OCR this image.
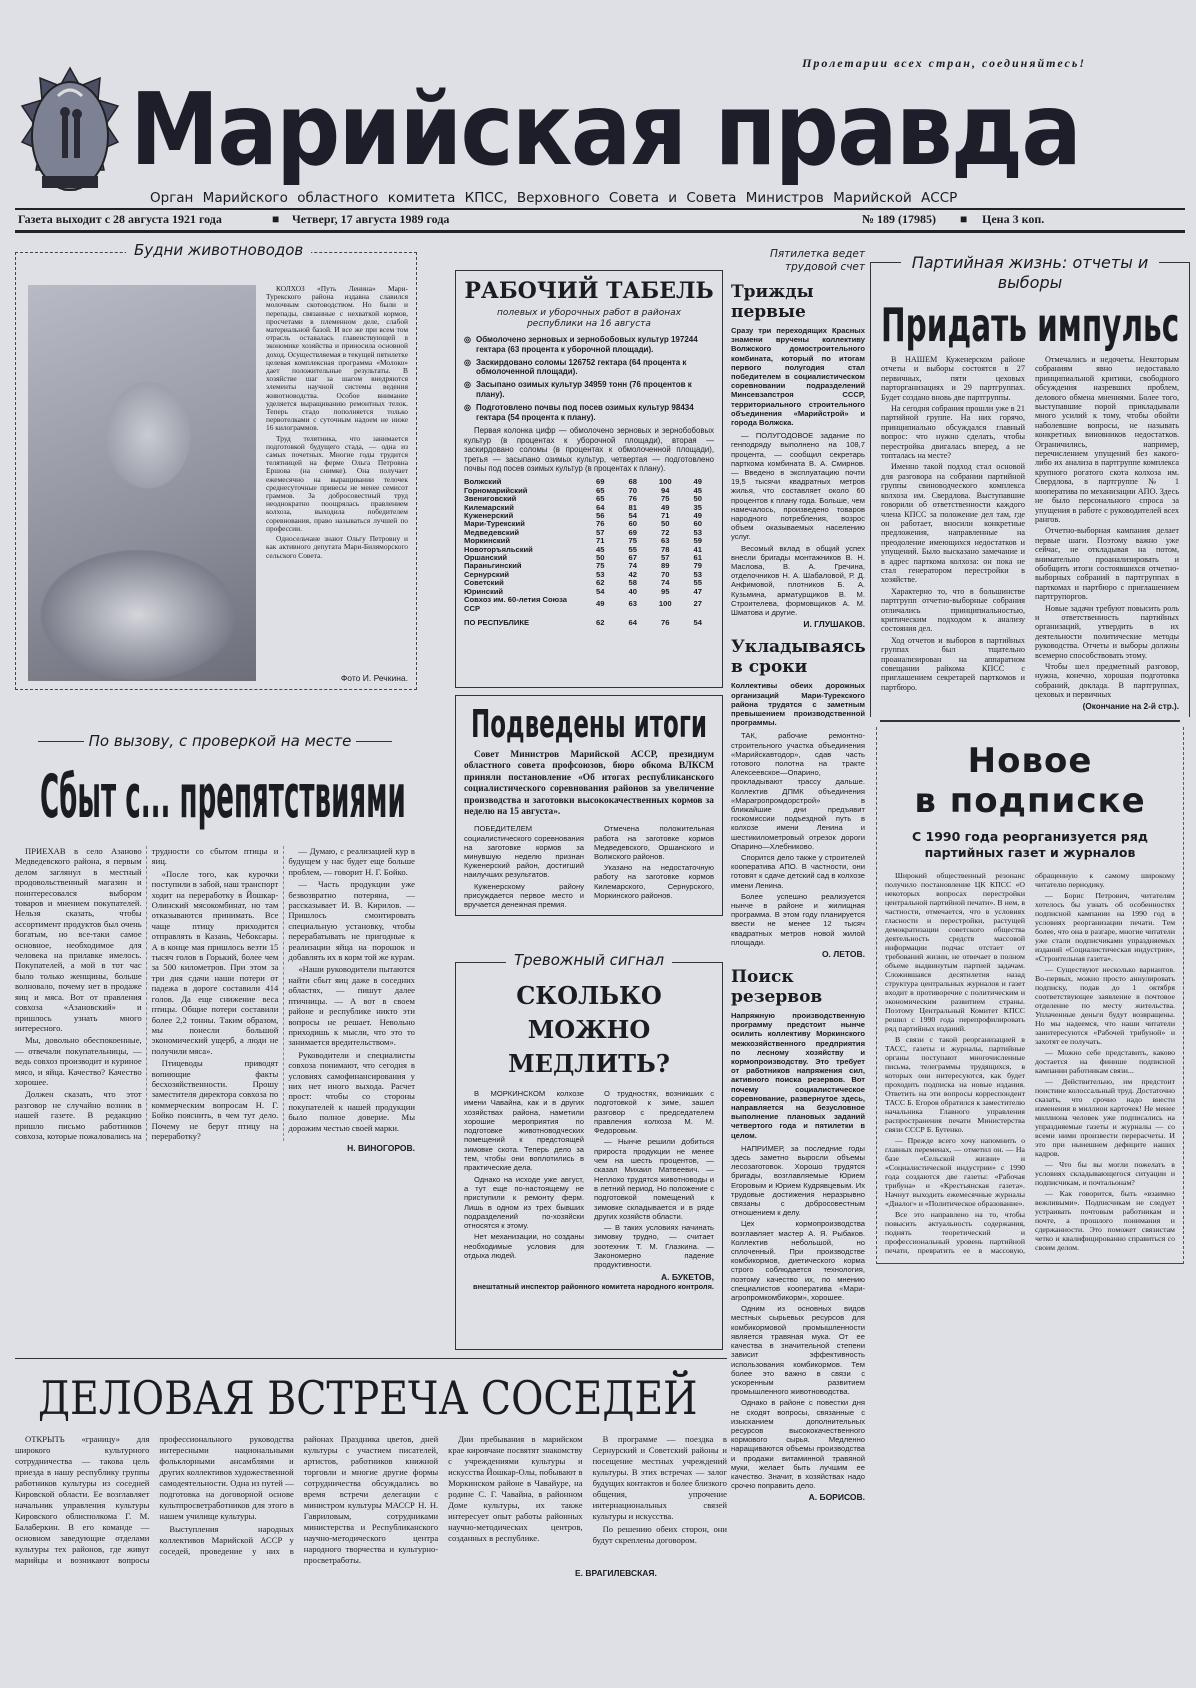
Пролетарии всех стран, соединяйтесь!
Марийская правда
Орган Марийского областного комитета КПСС, Верховного Совета и Совета Министров Марийской АССР
Газета выходит с 28 августа 1921 года	■ Четверг, 17 августа 1989 года	№ 189 (17985) ■ Цена 3 коп.
Будни животноводов

КОЛХОЗ «Путь Ленина» Мари-Турекского района издавна славился молочным скотоводством. Но были и перепады, связанные с нехваткой кормов, просчетами в племенном деле, слабой материальной базой. И все же при всем том отрасль оставалась главенствующей в экономике хозяйства и приносила основной доход. Осуществляемая в текущей пятилетке целевая комплексная программа «Молоко» дает положительные результаты. В хозяйстве шаг за шагом внедряются элементы научной системы ведения животноводства. Особое внимание уделяется выращиванию ремонтных телок. Теперь стадо пополняется только первотелками с суточным надоем не ниже 16 килограммов.

Труд телятника, что занимается подготовкой будущего стада, — одна из самых почетных. Многие годы трудится телятницей на ферме Ольга Петровна Ершова (на снимке). Она получает ежемесячно на выращивании телочек среднесуточные привесы не менее семисот граммов. За добросовестный труд неоднократно поощрялась правлением колхоза, выходила победителем соревнования, право называться лучшей по профессии.

Односельчане знают Ольгу Петровну и как активного депутата Мари-Биляморского сельского Совета.

Фото И. Речкина.
РАБОЧИЙ ТАБЕЛЬ
полевых и уборочных работ в районах республики на 16 августа
◎ Обмолочено зерновых и зернобобовых культур 197244 гектара (63 процента к уборочной площади).
◎ Заскирдовано соломы 126752 гектара (64 процента к обмолоченной площади).
◎ Засыпано озимых культур 34959 тонн (76 процентов к плану).
◎ Подготовлено почвы под посев озимых культур 98434 гектара (54 процента к плану).
Первая колонка цифр — обмолочено зерновых и зернобобовых культур (в процентах к уборочной площади), вторая — заскирдовано соломы (в процентах к обмолоченной площади), третья — засыпано озимых культур, четвертая — подготовлено почвы под посев озимых культур (в процентах к плану).
Волжский	69	68	100	49
Горномарийский	65	70	94	45
Звениговский	65	76	75	50
Килемарский	64	81	49	35
Куженерский	56	54	71	49
Мари-Турекский	76	60	50	60
Медведевский	57	69	72	53
Моркинский	71	75	63	59
Новоторъяльский	45	55	78	41
Оршанский	50	67	57	61
Параньгинский	75	74	89	79
Сернурский	53	42	70	53
Советский	62	58	74	55
Юринский	54	40	95	47
Совхоз им. 60-летия Союза ССР	49	63	100	27
ПО РЕСПУБЛИКЕ	62	64	76	54
Подведены итоги
Совет Министров Марийской АССР, президиум областного совета профсоюзов, бюро обкома ВЛКСМ приняли постановление «Об итогах республиканского социалистического соревнования районов за увеличение производства и заготовки высококачественных кормов за неделю на 15 августа».

ПОБЕДИТЕЛЕМ социалистического соревнования на заготовке кормов за минувшую неделю признан Куженерский район, достигший наилучших результатов.

Куженерскому району присуждается первое место и вручается денежная премия.

Отмечена положительная работа на заготовке кормов Медведевского, Оршанского и Волжского районов.

Указано на недостаточную работу на заготовке кормов Килемарского, Сернурского, Моркинского районов.

Тревожный сигнал
СКОЛЬКО МОЖНО МЕДЛИТЬ?

В МОРКИНСКОМ колхозе имени Чавайна, как и в других хозяйствах района, наметили хорошие мероприятия по подготовке животноводческих помещений к предстоящей зимовке скота. Теперь дело за тем, чтобы они воплотились в практические дела.

Однако на исходе уже август, а тут еще по-настоящему не приступили к ремонту ферм. Лишь в одном из трех бывших подразделений по-хозяйски относятся к этому.

Нет механизации, но созданы необходимые условия для отдыха людей.

О трудностях, возникших с подготовкой к зиме, зашел разговор с председателем правления колхоза М. М. Федоровым.

— Нынче решили добиться прироста продукции не менее чем на шесть процентов, — сказал Михаил Матвеевич. — Неплохо трудятся животноводы и в летний период. Но положение с подготовкой помещений к зимовке складывается и в ряде других хозяйств области.

— В таких условиях начинать зимовку трудно, — считает зоотехник Т. М. Глазкина. — Закономерно падение продуктивности.

А. БУКЕТОВ,
внештатный инспектор районного комитета народного контроля.
Пятилетка ведет трудовой счет
Трижды первые
Сразу три переходящих Красных знамени вручены коллективу Волжского домостроительного комбината, который по итогам первого полугодия стал победителем в социалистическом соревновании подразделений Минсевзапстроя СССР, территориального строительного объединения «Марийстрой» и города Волжска.

— ПОЛУГОДОВОЕ задание по генподряду выполнено на 108,7 процента, — сообщил секретарь парткома комбината В. А. Смирнов. — Введено в эксплуатацию почти 19,5 тысячи квадратных метров жилья, что составляет около 60 процентов к плану года. Больше, чем намечалось, произведено товаров народного потребления, возрос объем оказываемых населению услуг.

Весомый вклад в общий успех внесли бригады монтажников В. Н. Маслова, В. А. Гречина, отделочников Н. А. Шабаловой, Р. Д. Анфимовой, плотников Б. А. Кузьмина, арматурщиков В. М. Строителева, формовщиков А. М. Шматова и другие.

И. ГЛУШАКОВ.
Укладываясь в сроки
Коллективы обеих дорожных организаций Мари-Турекского района трудятся с заметным превышением производственной программы.

ТАК, рабочие ремонтно-строительного участка объединения «Марийскавтодор», сдав часть готового полотна на тракте Алексеевское—Опарино, прокладывают трассу дальше. Коллектив ДПМК объединения «Марагропромдорстрой» в ближайшие дни предъявит госкомиссии подъездной путь в колхозе имени Ленина и шестикилометровый отрезок дороги Опарино—Хлебниково.

Спорится дело также у строителей кооператива АПО. В частности, они готовят к сдаче детский сад в колхозе имени Ленина.

Более успешно реализуется нынче в районе и жилищная программа. В этом году планируется ввести не менее 12 тысяч квадратных метров новой жилой площади.

О. ЛЕТОВ.
Поиск резервов
Напряжную производственную программу предстоит нынче осилить коллективу Моркинского межхозяйственного предприятия по лесному хозяйству и кормопроизводству. Это требует от работников напряжения сил, активного поиска резервов. Вот почему социалистическое соревнование, развернутое здесь, направляется на безусловное выполнение плановых заданий четвертого года и пятилетки в целом.

НАПРИМЕР, за последние годы здесь заметно выросли объемы лесозаготовок. Хорошо трудятся бригады, возглавляемые Юрием Егоровым и Юрием Кудрявцевым. Их трудовые достижения неразрывно связаны с добросовестным отношением к делу.

Цех кормопроизводства возглавляет мастер А. Я. Рыбаков. Коллектив небольшой, но сплоченный. При производстве комбикормов, диетического корма строго соблюдается технология, поэтому качество их, по мнению специалистов кооператива «Мари-агропромкомбикорм», хорошее.

Одним из основных видов местных сырьевых ресурсов для комбикормовой промышленности является травяная мука. От ее качества в значительной степени зависит эффективность использования комбикормов. Тем более это важно в связи с ускоренным развитием промышленного животноводства.

Однако в районе с повестки дня не сходят вопросы, связанные с изысканием дополнительных ресурсов высококачественного кормового сырья. Медленно наращиваются объемы производства и продажи витаминной травяной муки, желает быть лучшим ее качество. Значит, в хозяйствах надо срочно поправить дело.

А. БОРИСОВ.
Партийная жизнь: отчеты и выборы
Придать импульс

В НАШЕМ Куженерском районе отчеты и выборы состоятся в 27 первичных, пяти цеховых парторганизациях и 29 партгруппах. Будет создано вновь две партгруппы.

На сегодня собрания прошли уже в 21 партийной группе. На них горячо, принципиально обсуждался главный вопрос: что нужно сделать, чтобы перестройка двигалась вперед, а не топталась на месте?

Именно такой подход стал основой для разговора на собрании партийной группы свиноводческого комплекса колхоза им. Свердлова. Выступавшие говорили об ответственности каждого члена КПСС за положение дел там, где он работает, вносили конкретные предложения, направленные на преодоление имеющихся недостатков и упущений. Было высказано замечание и в адрес парткома колхоза: он пока не стал генератором перестройки в хозяйстве.

Характерно то, что в большинстве партгрупп отчетно-выборные собрания отличались принципиальностью, критическим подходом к анализу состояния дел.

Ход отчетов и выборов в партийных группах был тщательно проанализирован на аппаратном совещании райкома КПСС с приглашением секретарей парткомов и партбюро.

Отмечались и недочеты. Некоторым собраниям явно недоставало принципиальной критики, свободного обсуждения назревших проблем, делового обмена мнениями. Более того, выступавшие порой прикладывали много усилий к тому, чтобы обойти наболевшие вопросы, не называть конкретных виновников недостатков. Ограничились, например, перечислением упущений без какого-либо их анализа в партгруппе комплекса крупного рогатого скота колхоза им. Свердлова, в партгруппе № 1 кооператива по механизации АПО. Здесь не было персонального спроса за упущения в работе с руководителей всех рангов.

Отчетно-выборная кампания делает первые шаги. Поэтому важно уже сейчас, не откладывая на потом, внимательно проанализировать и обобщить итоги состоявшихся отчетно-выборных собраний в партгруппах в парткомах и партбюро с приглашением партгрупоргов.

Новые задачи требуют повысить роль и ответственность партийных организаций, утвердить в их деятельности политические методы руководства. Отчеты и выборы должны всемерно способствовать этому.

Чтобы шел предметный разговор, нужна, конечно, хорошая подготовка собраний, доклада. В партгруппах, цеховых и первичных

(Окончание на 2-й стр.).
Новое
в подписке
С 1990 года реорганизуется ряд партийных газет и журналов

Широкий общественный резонанс получило постановление ЦК КПСС «О некоторых вопросах перестройки центральной партийной печати». В нем, в частности, отмечается, что в условиях гласности и перестройки, растущей демократизации советского общества деятельность средств массовой информации подчас отстает от требований жизни, не отвечает в полном объеме выдвинутым партией задачам. Сложившаяся десятилетия назад структура центральных журналов и газет входит в противоречие с политическим и экономическим развитием страны. Поэтому Центральный Комитет КПСС решил с 1990 года перепрофилировать ряд партийных изданий.

В связи с такой реорганизацией в ТАСС, газеты и журналы, партийные органы поступают многочисленные письма, телеграммы трудящихся, в которых они интересуются, как будет проходить подписка на новые издания. Ответить на эти вопросы корреспондент ТАСС Б. Егоров обратился к заместителю начальника Главного управления распространения печати Министерства связи СССР Б. Бутенко.

— Прежде всего хочу напомнить о главных переменах, — отметил он. — На базе «Сельской жизни» и «Социалистической индустрии» с 1990 года создаются две газеты: «Рабочая трибуна» и «Крестьянская газета». Начнут выходить ежемесячные журналы «Диалог» и «Политическое образование».

Все это направлено на то, чтобы повысить актуальность содержания, поднять теоретический и профессиональный уровень партийной печати, превратить ее в массовую, обращенную к самому широкому читателю периодику.

— Борис Петрович, читателям хотелось бы узнать об особенностях подписной кампании на 1990 год в условиях реорганизации печати. Тем более, что она в разгаре, многие читатели уже стали подписчиками упраздняемых изданий «Социалистическая индустрия», «Строительная газета».

— Существуют несколько вариантов. Во-первых, можно просто аннулировать подписку, подав до 1 октября соответствующее заявление в почтовое отделение по месту жительства. Уплаченные деньги будут возвращены. Но мы надеемся, что наши читатели заинтересуются «Рабочей трибуной» и захотят ее получать.

— Можно себе представить, каково достается на финише подписной кампании работникам связи...

— Действительно, им предстоит поистине колоссальный труд. Достаточно сказать, что срочно надо внести изменения в миллион карточек! Не менее миллиона человек уже подписались на упраздняемые газеты и журналы — со всеми ними произвести перерасчеты. И это при нынешнем дефиците наших кадров.

— Что бы вы могли пожелать в условиях складывающегося ситуации и подписчикам, и почтальонам?

— Как говорится, быть «взаимно вежливыми». Подписчикам не следует устраивать почтовым работникам и почте, а прошлого понимания и сдержанности. Это поможет связистам четко и квалифицированно справиться со своим делом.

По вызову, с проверкой на месте
Сбыт с... препятствиями

ПРИЕХАВ в село Азаново Медведевского района, я первым делом заглянул в местный продовольственный магазин и поинтересовался выбором товаров и мнением покупателей. Нельзя сказать, чтобы ассортимент продуктов был очень богатым, но все-таки самое основное, необходимое для человека на прилавке имелось. Покупателей, а мой в тот час было только женщины, больше волновало, почему нет в продаже яиц и мяса. Вот от правления совхоза «Азановский» и пришлось узнать много интересного.

Мы, довольно обеспокоенные, — отвечали покупательницы, — ведь совхоз производит и куриное мясо, и яйца. Качество? Качество хорошее.

Должен сказать, что этот разговор не случайно возник в нашей газете. В редакцию пришло письмо работников совхоза, которые пожаловались на трудности со сбытом птицы и яиц.

«После того, как курочки поступили в забой, наш транспорт ходит на переработку в Йошкар-Олинский мясокомбинат, но там отказываются принимать. Все чаще птицу приходится отправлять в Казань, Чебоксары. А в конце мая пришлось везти 15 тысяч голов в Горький, более чем за 500 километров. При этом за три дня сдачи наши потери от падежа в дороге составили 414 голов. Да еще снижение веса птицы. Общие потери составили более 2,2 тонны. Таким образом, мы понесли большой экономический ущерб, а люди не получили мяса».

Птицеводы приводят вопиющие факты бесхозяйственности. Прошу заместителя директора совхоза по коммерческим вопросам Н. Г. Бойко пояснить, в чем тут дело. Почему не берут птицу на переработку?

— Думаю, с реализацией кур в будущем у нас будет еще больше проблем, — говорит Н. Г. Бойко.

— Часть продукции уже безвозвратно потеряна, — рассказывает И. В. Кирилов. — Пришлось смонтировать специальную установку, чтобы перерабатывать не пригодные к реализации яйца на порошок и добавлять их в корм той же курам.

«Наши руководители пытаются найти сбыт яиц даже в соседних областях, — пишут далее птичницы. — А вот в своем районе и республике никто эти вопросы не решает. Невольно приходишь к мысли, что это то занимается вредительством».

Руководители и специалисты совхоза понимают, что сегодня в условиях самофинансирования у них нет иного выхода. Расчет прост: чтобы со стороны покупателей к нашей продукции было полное доверие. Мы дорожим честью своей марки.

Н. ВИНОГОРОВ.
ДЕЛОВАЯ ВСТРЕЧА СОСЕДЕЙ

ОТКРЫТЬ «границу» для широкого культурного сотрудничества — такова цель приезда в нашу республику группы работников культуры из соседней Кировской области. Ее возглавляет начальник управления культуры Кировского облисполкома Г. М. Балаберкин. В его команде — основном заведующие отделами культуры тех районов, где живут марийцы и возникают вопросы профессионального руководства интересными национальными фольклорными ансамблями и других коллективов художественной самодеятельности. Одна из путей — подготовка на договорной основе культпросветработников для этого в нашем училище культуры.

Выступления народных коллективов Марийской АССР у соседей, проведение у них в районах Праздника цветов, дней культуры с участием писателей, артистов, работников книжной торговли и многие другие формы сотрудничества обсуждались во время встречи делегации с министром культуры МАССР Н. Н. Гавриловым, сотрудниками министерства и Республиканского научно-методического центра народного творчества и культурно-просветработы.

Дни пребывания в марийском крае кировчане посвятят знакомству с учреждениями культуры и искусства Йошкар-Олы, побывают в Моркинском районе в Чавайуре, на родине С. Г. Чавайна, в районном Доме культуры, их также интересует опыт работы районных научно-методических центров, созданных в республике.

В программе — поездка в Сернурский и Советский районы и посещение местных учреждений культуры. В этих встречах — залог будущих контактов и более близкого общения, упрочение интернациональных связей культуры и искусства.

По решению обеих сторон, они будут скреплены договором.

Е. ВРАГИЛЕВСКАЯ.
